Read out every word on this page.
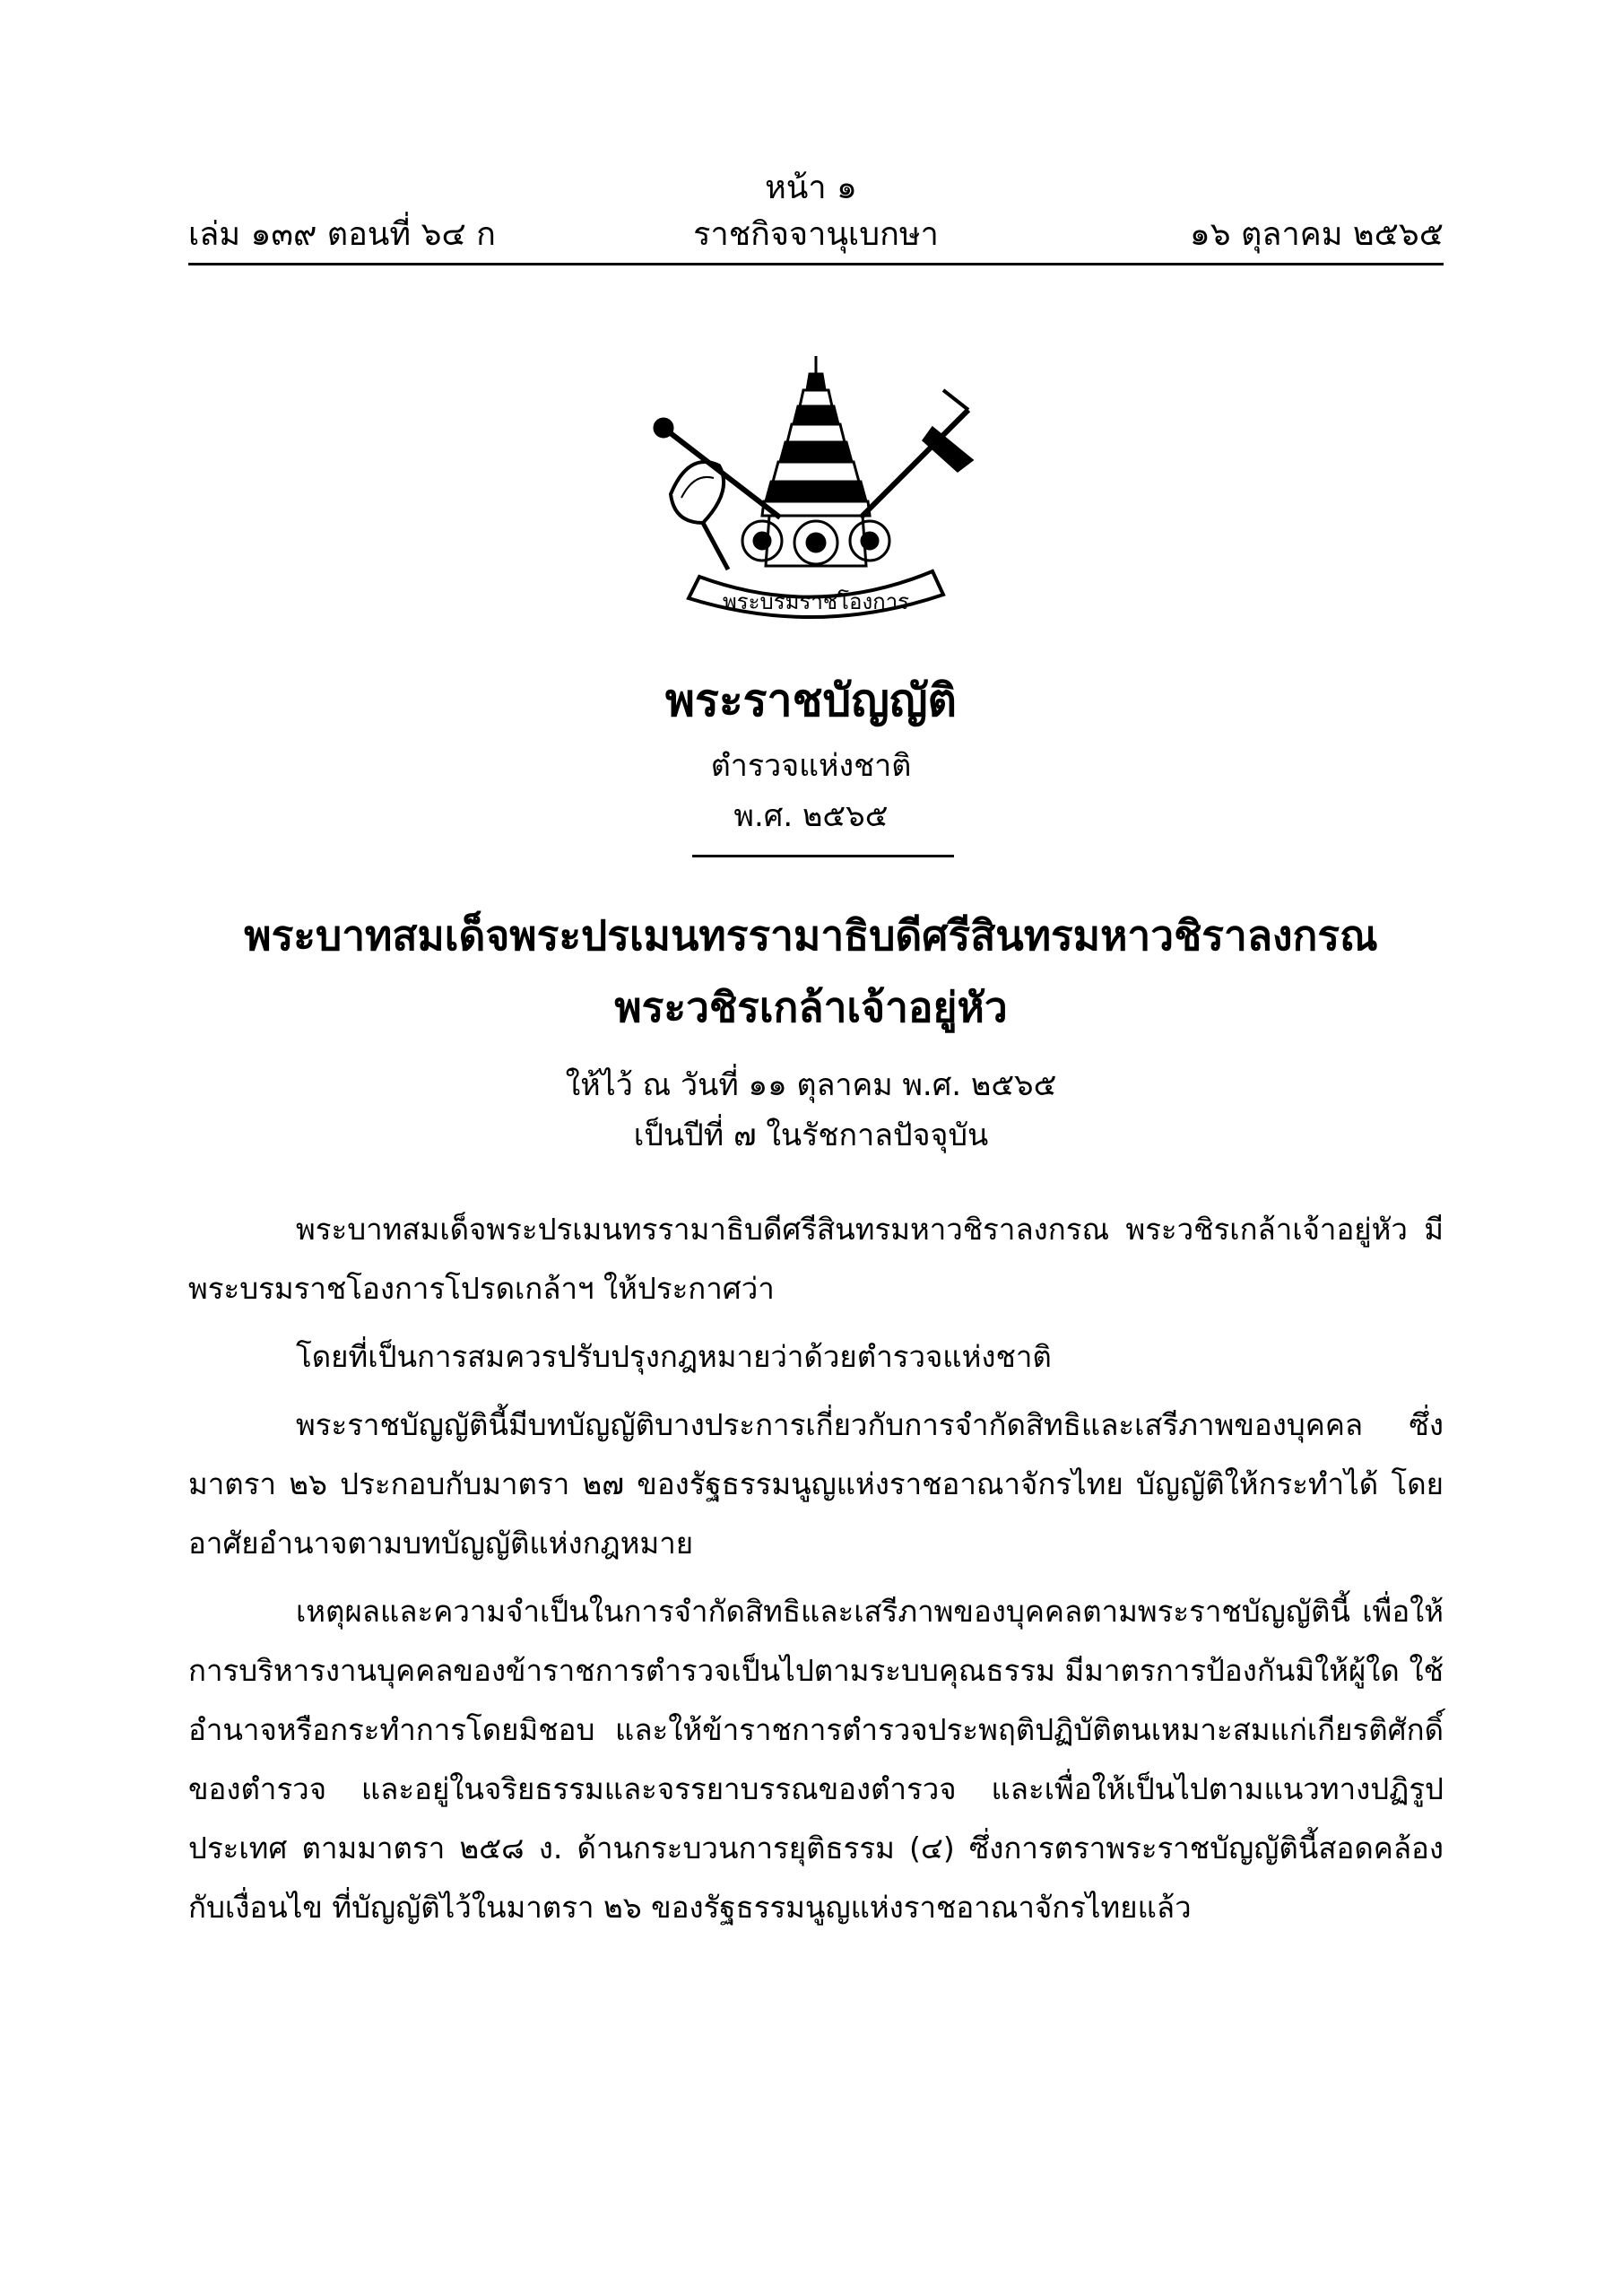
หน้า ๑
ราชกิจจานุเบกษา
เล่ม ๑๓๙ ตอนที่ ๖๔ ก	๑๖ ตุลาคม ๒๕๖๕
พระบรมราชโองการ
พระราชบัญญัติ
ตำรวจแห่งชาติ
พ.ศ. ๒๕๖๕
พระบาทสมเด็จพระปรเมนทรรามาธิบดีศรีสินทรมหาวชิราลงกรณ
พระวชิรเกล้าเจ้าอยู่หัว
ให้ไว้ ณ วันที่ ๑๑ ตุลาคม พ.ศ. ๒๕๖๕
เป็นปีที่ ๗ ในรัชกาลปัจจุบัน

พระบาทสมเด็จพระปรเมนทรรามาธิบดีศรีสินทรมหาวชิราลงกรณ พระวชิรเกล้าเจ้าอยู่หัว มีพระบรมราชโองการโปรดเกล้าฯ ให้ประกาศว่า

โดยที่เป็นการสมควรปรับปรุงกฎหมายว่าด้วยตำรวจแห่งชาติ

พระราชบัญญัตินี้มีบทบัญญัติบางประการเกี่ยวกับการจำกัดสิทธิและเสรีภาพของบุคคล ซึ่งมาตรา ๒๖ ประกอบกับมาตรา ๒๗ ของรัฐธรรมนูญแห่งราชอาณาจักรไทย บัญญัติให้กระทำได้ โดยอาศัยอำนาจตามบทบัญญัติแห่งกฎหมาย

เหตุผลและความจำเป็นในการจำกัดสิทธิและเสรีภาพของบุคคลตามพระราชบัญญัตินี้ เพื่อให้ การบริหารงานบุคคลของข้าราชการตำรวจเป็นไปตามระบบคุณธรรม มีมาตรการป้องกันมิให้ผู้ใด ใช้อำนาจหรือกระทำการโดยมิชอบ และให้ข้าราชการตำรวจประพฤติปฏิบัติตนเหมาะสมแก่เกียรติศักดิ์ ของตำรวจ และอยู่ในจริยธรรมและจรรยาบรรณของตำรวจ และเพื่อให้เป็นไปตามแนวทางปฏิรูปประเทศ ตามมาตรา ๒๕๘ ง. ด้านกระบวนการยุติธรรม (๔) ซึ่งการตราพระราชบัญญัตินี้สอดคล้องกับเงื่อนไข ที่บัญญัติไว้ในมาตรา ๒๖ ของรัฐธรรมนูญแห่งราชอาณาจักรไทยแล้ว
